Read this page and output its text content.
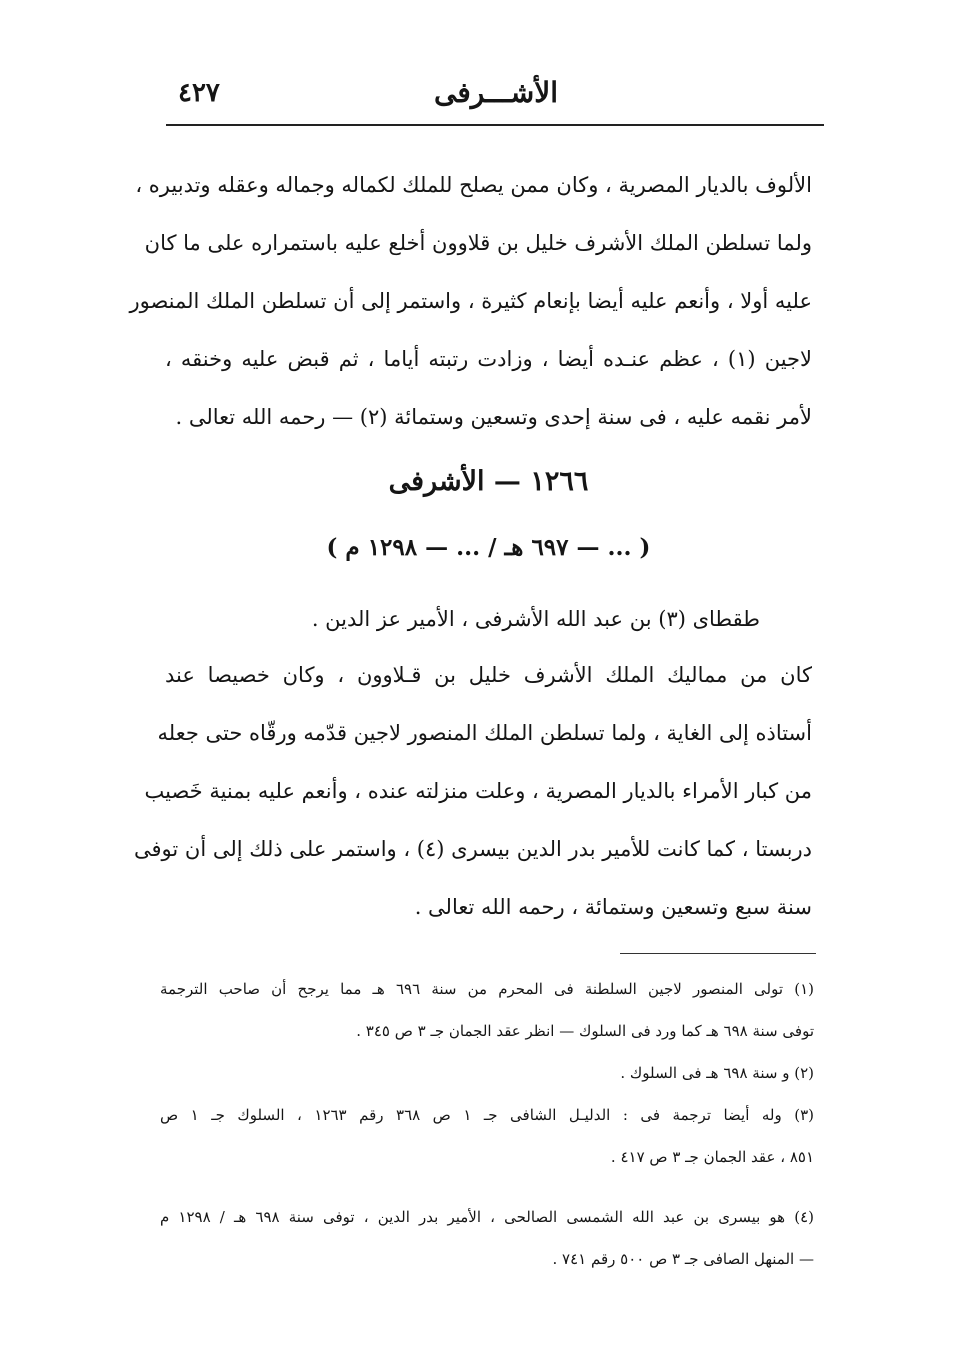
٤٢٧	الأشـــرفى
الألوف بالديار المصرية ، وكان ممن يصلح للملك لكماله وجماله وعقله وتدبيره ،
ولما تسلطن الملك الأشرف خليل بن قلاوون أخلع عليه باستمراره على ما كان
عليه أولا ، وأنعم عليه أيضا بإنعام كثيرة ، واستمر إلى أن تسلطن الملك المنصور
لاجين (١) ، عظم عنـده أيضا ، وزادت رتبته أياما ، ثم قبض عليه وخنقه ،
لأمر نقمه عليه ، فى سنة إحدى وتسعين وستمائة (٢) — رحمه الله تعالى .
١٢٦٦ — الأشرفى
( ... — ٦٩٧ هـ / ... — ١٢٩٨ م )
طقطاى (٣) بن عبد الله الأشرفى ، الأمير عز الدين .
كان من مماليك الملك الأشرف خليل بن قـلاوون ، وكان خصيصا عند
أستاذه إلى الغاية ، ولما تسلطن الملك المنصور لاجين قدّمه ورقّاه حتى جعله
من كبار الأمراء بالديار المصرية ، وعلت منزلته عنده ، وأنعم عليه بمنية خَصيب
دربستا ، كما كانت للأمير بدر الدين بيسرى (٤) ، واستمر على ذلك إلى أن توفى
سنة سبع وتسعين وستمائة ، رحمه الله تعالى .
(١) تولى المنصور لاجين السلطنة فى المحرم من سنة ٦٩٦ هـ مما يرجح أن صاحب الترجمة
توفى سنة ٦٩٨ هـ كما ورد فى السلوك — انظر عقد الجمان جـ ٣ ص ٣٤٥ .
(٢) و سنة ٦٩٨ هـ فى السلوك .
(٣) وله أيضا ترجمة فى : الدليـل الشافى جـ ١ ص ٣٦٨ رقم ١٢٦٣ ، السلوك جـ ١ ص
٨٥١ ، عقد الجمان جـ ٣ ص ٤١٧ .
(٤) هو بيسرى بن عبد الله الشمسى الصالحى ، الأمير بدر الدين ، توفى سنة ٦٩٨ هـ / ١٢٩٨ م
— المنهل الصافى جـ ٣ ص ٥٠٠ رقم ٧٤١ .
